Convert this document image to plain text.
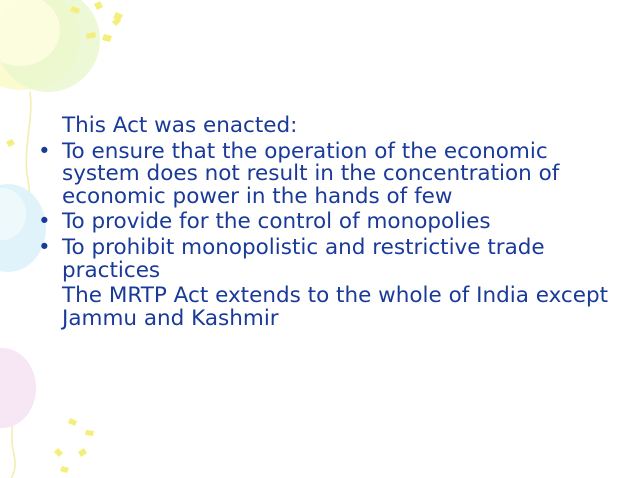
This Act was enacted:
• To ensure that the operation of the economic system does not result in the concentration of economic power in the hands of few
• To provide for the control of monopolies
• To prohibit monopolistic and restrictive trade practices
The MRTP Act extends to the whole of India except Jammu and Kashmir
